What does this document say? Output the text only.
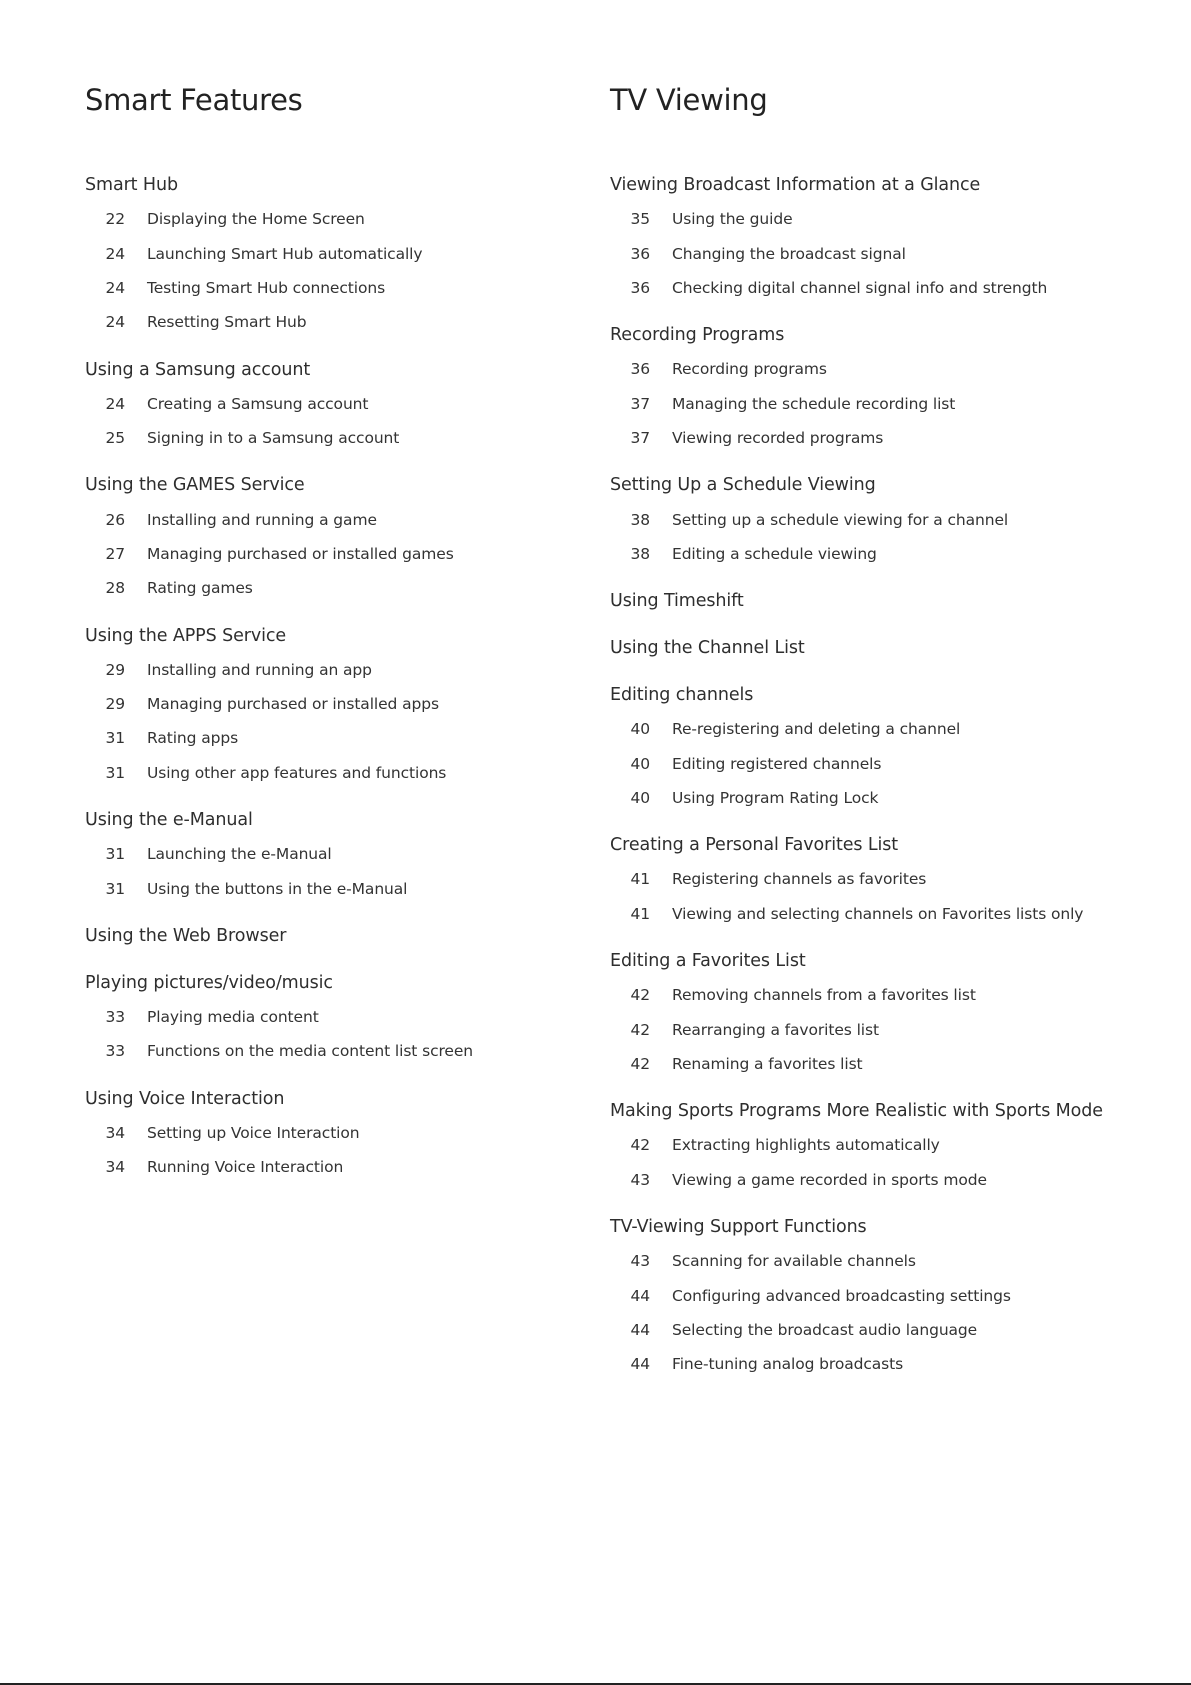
Smart Features
Smart Hub
22	Displaying the Home Screen
24	Launching Smart Hub automatically
24	Testing Smart Hub connections
24	Resetting Smart Hub
Using a Samsung account
24	Creating a Samsung account
25	Signing in to a Samsung account
Using the GAMES Service
26	Installing and running a game
27	Managing purchased or installed games
28	Rating games
Using the APPS Service
29	Installing and running an app
29	Managing purchased or installed apps
31	Rating apps
31	Using other app features and functions
Using the e-Manual
31	Launching the e-Manual
31	Using the buttons in the e-Manual
Using the Web Browser
Playing pictures/video/music
33	Playing media content
33	Functions on the media content list screen
Using Voice Interaction
34	Setting up Voice Interaction
34	Running Voice Interaction
TV Viewing
Viewing Broadcast Information at a Glance
35	Using the guide
36	Changing the broadcast signal
36	Checking digital channel signal info and strength
Recording Programs
36	Recording programs
37	Managing the schedule recording list
37	Viewing recorded programs
Setting Up a Schedule Viewing
38	Setting up a schedule viewing for a channel
38	Editing a schedule viewing
Using Timeshift
Using the Channel List
Editing channels
40	Re-registering and deleting a channel
40	Editing registered channels
40	Using Program Rating Lock
Creating a Personal Favorites List
41	Registering channels as favorites
41	Viewing and selecting channels on Favorites lists only
Editing a Favorites List
42	Removing channels from a favorites list
42	Rearranging a favorites list
42	Renaming a favorites list
Making Sports Programs More Realistic with Sports Mode
42	Extracting highlights automatically
43	Viewing a game recorded in sports mode
TV-Viewing Support Functions
43	Scanning for available channels
44	Configuring advanced broadcasting settings
44	Selecting the broadcast audio language
44	Fine-tuning analog broadcasts
